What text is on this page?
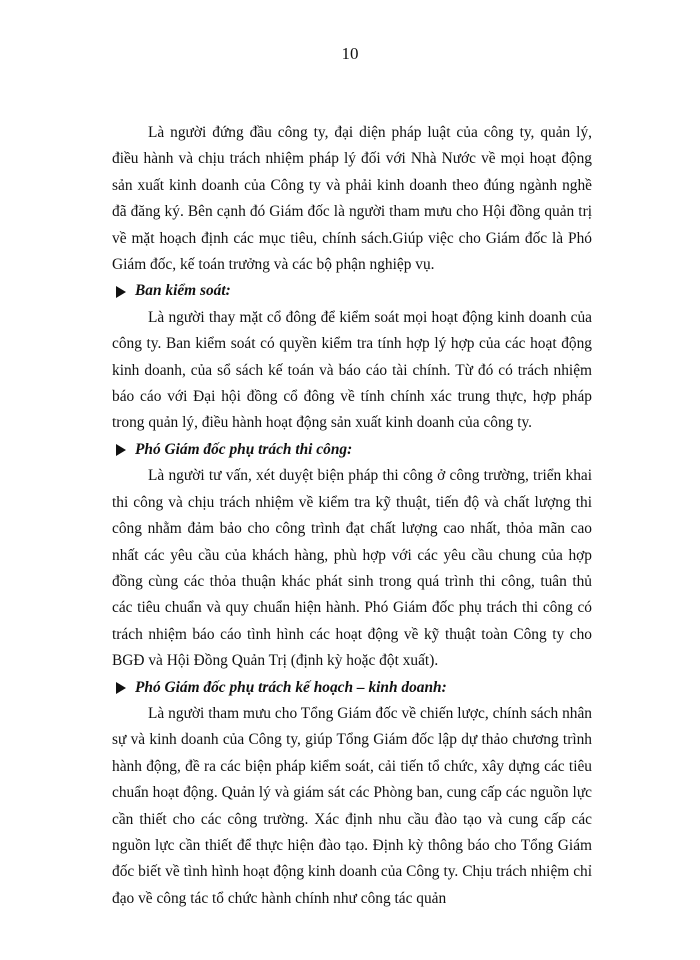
10

Là người đứng đầu công ty, đại diện pháp luật của công ty, quản lý, điều hành và chịu trách nhiệm pháp lý đối với Nhà Nước về mọi hoạt động sản xuất kinh doanh của Công ty và phải kinh doanh theo đúng ngành nghề đã đăng ký. Bên cạnh đó Giám đốc là người tham mưu cho Hội đồng quản trị về mặt hoạch định các mục tiêu, chính sách.Giúp việc cho Giám đốc là Phó Giám đốc, kế toán trưởng và các bộ phận nghiệp vụ.

Ban kiểm soát:

Là người thay mặt cổ đông để kiểm soát mọi hoạt động kinh doanh của công ty. Ban kiểm soát có quyền kiểm tra tính hợp lý hợp của các hoạt động kinh doanh, của sổ sách kế toán và báo cáo tài chính. Từ đó có trách nhiệm báo cáo với Đại hội đồng cổ đông về tính chính xác trung thực, hợp pháp trong quản lý, điều hành hoạt động sản xuất kinh doanh của công ty.

Phó Giám đốc phụ trách thi công:

Là người tư vấn, xét duyệt biện pháp thi công ở công trường, triển khai thi công và chịu trách nhiệm về kiểm tra kỹ thuật, tiến độ và chất lượng thi công nhằm đảm bảo cho công trình đạt chất lượng cao nhất, thỏa mãn cao nhất các yêu cầu của khách hàng, phù hợp với các yêu cầu chung của hợp đồng cùng các thỏa thuận khác phát sinh trong quá trình thi công, tuân thủ các tiêu chuẩn và quy chuẩn hiện hành. Phó Giám đốc phụ trách thi công có trách nhiệm báo cáo tình hình các hoạt động về kỹ thuật toàn Công ty cho BGĐ và Hội Đồng Quản Trị (định kỳ hoặc đột xuất).

Phó Giám đốc phụ trách kế hoạch – kinh doanh:

Là người tham mưu cho Tổng Giám đốc về chiến lược, chính sách nhân sự và kinh doanh của Công ty, giúp Tổng Giám đốc lập dự thảo chương trình hành động, đề ra các biện pháp kiểm soát, cải tiến tổ chức, xây dựng các tiêu chuẩn hoạt động. Quản lý và giám sát các Phòng ban, cung cấp các nguồn lực cần thiết cho các công trường. Xác định nhu cầu đào tạo và cung cấp các nguồn lực cần thiết để thực hiện đào tạo. Định kỳ thông báo cho Tổng Giám đốc biết về tình hình hoạt động kinh doanh của Công ty. Chịu trách nhiệm chỉ đạo về công tác tổ chức hành chính như công tác quản
